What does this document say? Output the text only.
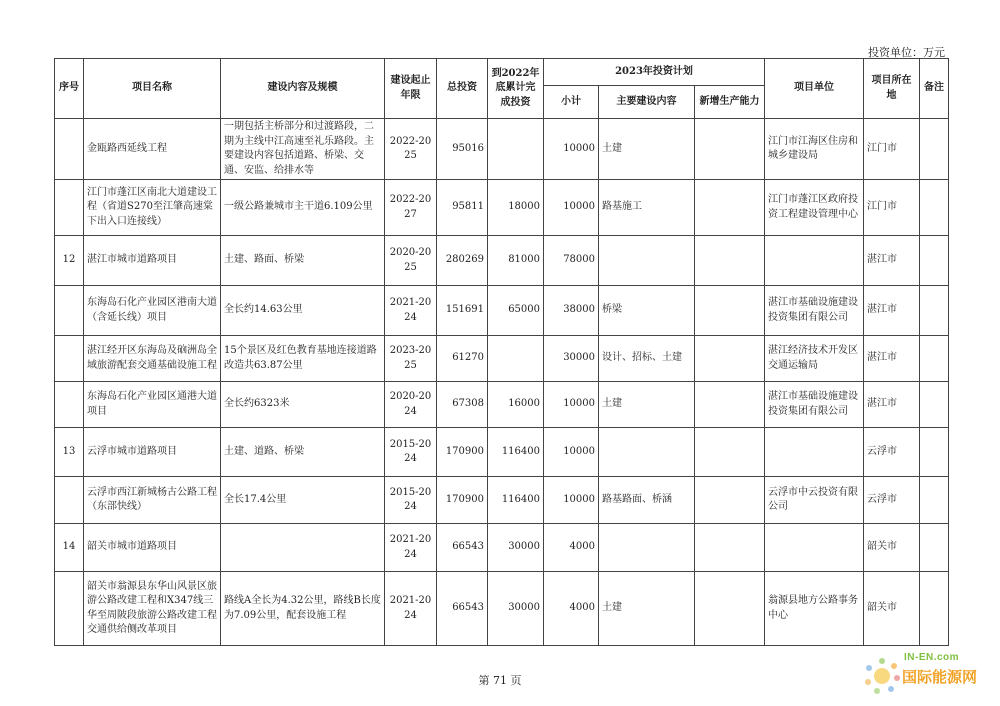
投资单位：万元
序号	项目名称	建设内容及规模	建设起止年限	总投资	到2022年底累计完成投资	2023年投资计划			项目单位	项目所在地	备注
						小计	主要建设内容	新增生产能力			
	金瓯路西延线工程	一期包括主桥部分和过渡路段，二期为主线中江高速至礼乐路段。主要建设内容包括道路、桥梁、交通、安监、给排水等	2022-2025	95016		10000	土建		江门市江海区住房和城乡建设局	江门市	
	江门市蓬江区南北大道建设工程（省道S270至江肇高速棠下出入口连接线）	一级公路兼城市主干道6.109公里	2022-2027	95811	18000	10000	路基施工		江门市蓬江区政府投资工程建设管理中心	江门市	
12	湛江市城市道路项目	土建、路面、桥梁	2020-2025	280269	81000	78000				湛江市	
	东海岛石化产业园区港南大道（含延长线）项目	全长约14.63公里	2021-2024	151691	65000	38000	桥梁		湛江市基础设施建设投资集团有限公司	湛江市	
	湛江经开区东海岛及硇洲岛全域旅游配套交通基础设施工程	15个景区及红色教育基地连接道路改造共63.87公里	2023-2025	61270		30000	设计、招标、土建		湛江经济技术开发区交通运输局	湛江市	
	东海岛石化产业园区通港大道项目	全长约6323米	2020-2024	67308	16000	10000	土建		湛江市基础设施建设投资集团有限公司	湛江市	
13	云浮市城市道路项目	土建、道路、桥梁	2015-2024	170900	116400	10000				云浮市	
	云浮市西江新城杨古公路工程（东部快线）	全长17.4公里	2015-2024	170900	116400	10000	路基路面、桥涵		云浮市中云投资有限公司	云浮市	
14	韶关市城市道路项目		2021-2024	66543	30000	4000				韶关市	
	韶关市翁源县东华山风景区旅游公路改建工程和X347线三华至周陂段旅游公路改建工程交通供给侧改革项目	路线A全长为4.32公里，路线B长度为7.09公里，配套设施工程	2021-2024	66543	30000	4000	土建		翁源县地方公路事务中心	韶关市	
第 71 页
IN-EN.com
国际能源网
